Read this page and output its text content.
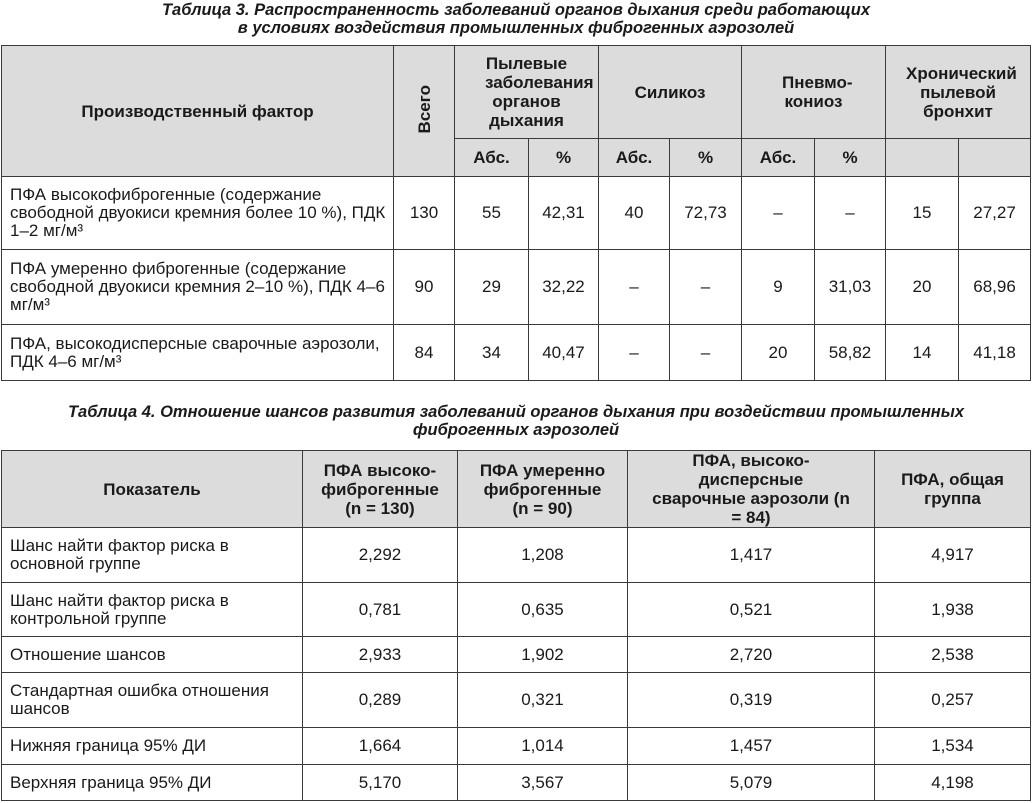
Таблица 3. Распространенность заболеваний органов дыхания среди работающих
в условиях воздействия промышленных фиброгенных аэрозолей
Производственный фактор	Всего	Пылевые заболевания органов дыхания		Силикоз		Пневмо-кониоз		Хронический пылевой бронхит	
		Абс.	%	Абс.	%	Абс.	%		
ПФА высокофиброгенные (содержание свободной двуокиси кремния более 10 %), ПДК 1–2 мг/м³	130	55	42,31	40	72,73	–	–	15	27,27
ПФА умеренно фиброгенные (содержание свободной двуокиси кремния 2–10 %), ПДК 4–6 мг/м³	90	29	32,22	–	–	9	31,03	20	68,96
ПФА, высокодисперсные сварочные аэрозоли, ПДК 4–6 мг/м³	84	34	40,47	–	–	20	58,82	14	41,18
Таблица 4. Отношение шансов развития заболеваний органов дыхания при воздействии промышленных
фиброгенных аэрозолей
Показатель	ПФА высоко-фиброгенные (n = 130)	ПФА умеренно фиброгенные (n = 90)	ПФА, высоко-дисперсные сварочные аэрозоли (n = 84)	ПФА, общая группа
Шанс найти фактор риска в основной группе	2,292	1,208	1,417	4,917
Шанс найти фактор риска в контрольной группе	0,781	0,635	0,521	1,938
Отношение шансов	2,933	1,902	2,720	2,538
Стандартная ошибка отношения шансов	0,289	0,321	0,319	0,257
Нижняя граница 95% ДИ	1,664	1,014	1,457	1,534
Верхняя граница 95% ДИ	5,170	3,567	5,079	4,198
